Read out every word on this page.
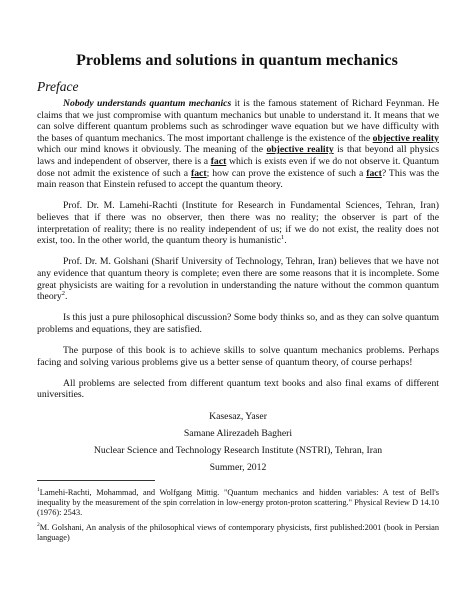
Problems and solutions in quantum mechanics
Preface

Nobody understands quantum mechanics it is the famous statement of Richard Feynman. He claims that we just compromise with quantum mechanics but unable to understand it. It means that we can solve different quantum problems such as schrodinger wave equation but we have difficulty with the bases of quantum mechanics. The most important challenge is the existence of the objective reality which our mind knows it obviously. The meaning of the objective reality is that beyond all physics laws and independent of observer, there is a fact which is exists even if we do not observe it. Quantum dose not admit the existence of such a fact; how can prove the existence of such a fact? This was the main reason that Einstein refused to accept the quantum theory.

Prof. Dr. M. Lamehi-Rachti (Institute for Research in Fundamental Sciences, Tehran, Iran) believes that if there was no observer, then there was no reality; the observer is part of the interpretation of reality; there is no reality independent of us; if we do not exist, the reality does not exist, too. In the other world, the quantum theory is humanistic$^1$.

Prof. Dr. M. Golshani (Sharif University of Technology, Tehran, Iran) believes that we have not any evidence that quantum theory is complete; even there are some reasons that it is incomplete. Some great physicists are waiting for a revolution in understanding the nature without the common quantum theory$^2$.

Is this just a pure philosophical discussion? Some body thinks so, and as they can solve quantum problems and equations, they are satisfied.

The purpose of this book is to achieve skills to solve quantum mechanics problems. Perhaps facing and solving various problems give us a better sense of quantum theory, of course perhaps!

All problems are selected from different quantum text books and also final exams of different universities.

Kasesaz, Yaser

Samane Alirezadeh Bagheri

Nuclear Science and Technology Research Institute (NSTRI), Tehran, Iran

Summer, 2012

$^1$Lamehi-Rachti, Mohammad, and Wolfgang Mittig. "Quantum mechanics and hidden variables: A test of Bell's inequality by the measurement of the spin correlation in low-energy proton-proton scattering." Physical Review D 14.10 (1976): 2543.

$^2$M. Golshani, An analysis of the philosophical views of contemporary physicists, first published:2001 (book in Persian language)
